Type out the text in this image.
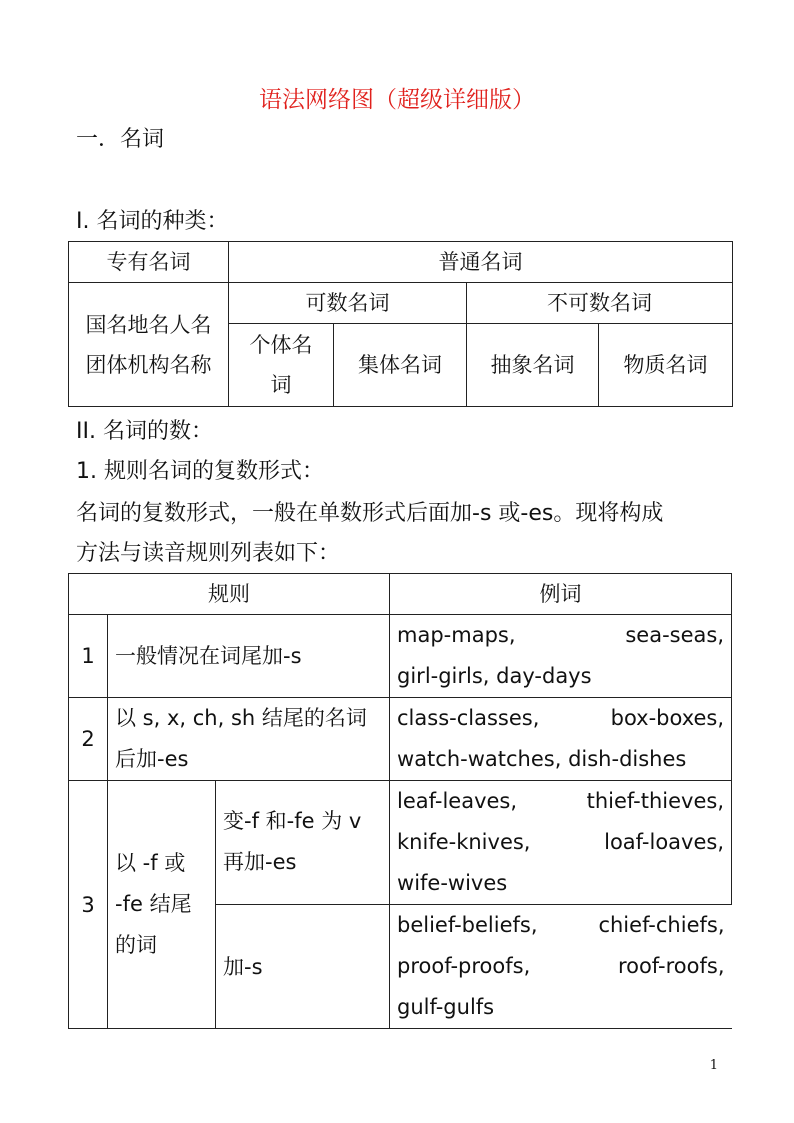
语法网络图（超级详细版）
一．名词
I. 名词的种类：
专有名词	普通名词			

国名地名人名
团体机构名称	可数名词		不可数名词	

	个体名
词	集体名词	抽象名词	物质名词
II. 名词的数：
1. 规则名词的复数形式：
名词的复数形式，一般在单数形式后面加-s 或-es。现将构成
方法与读音规则列表如下：
规则			例词
1	一般情况在词尾加-s		map-maps, sea-seas,
girl-girls, day-days

2	以 s, x, ch, sh 结尾的名词
后加-es		class-classes, box-boxes,
watch-watches, dish-dishes

3	以 -f 或
-fe 结尾
的词	变-f 和-fe 为 v
再加-es	leaf-leaves, thief-thieves,
knife-knives, loaf-loaves,
wife-wives

		加-s	belief-beliefs, chief-chiefs,
proof-proofs, roof-roofs,
gulf-gulfs
1
